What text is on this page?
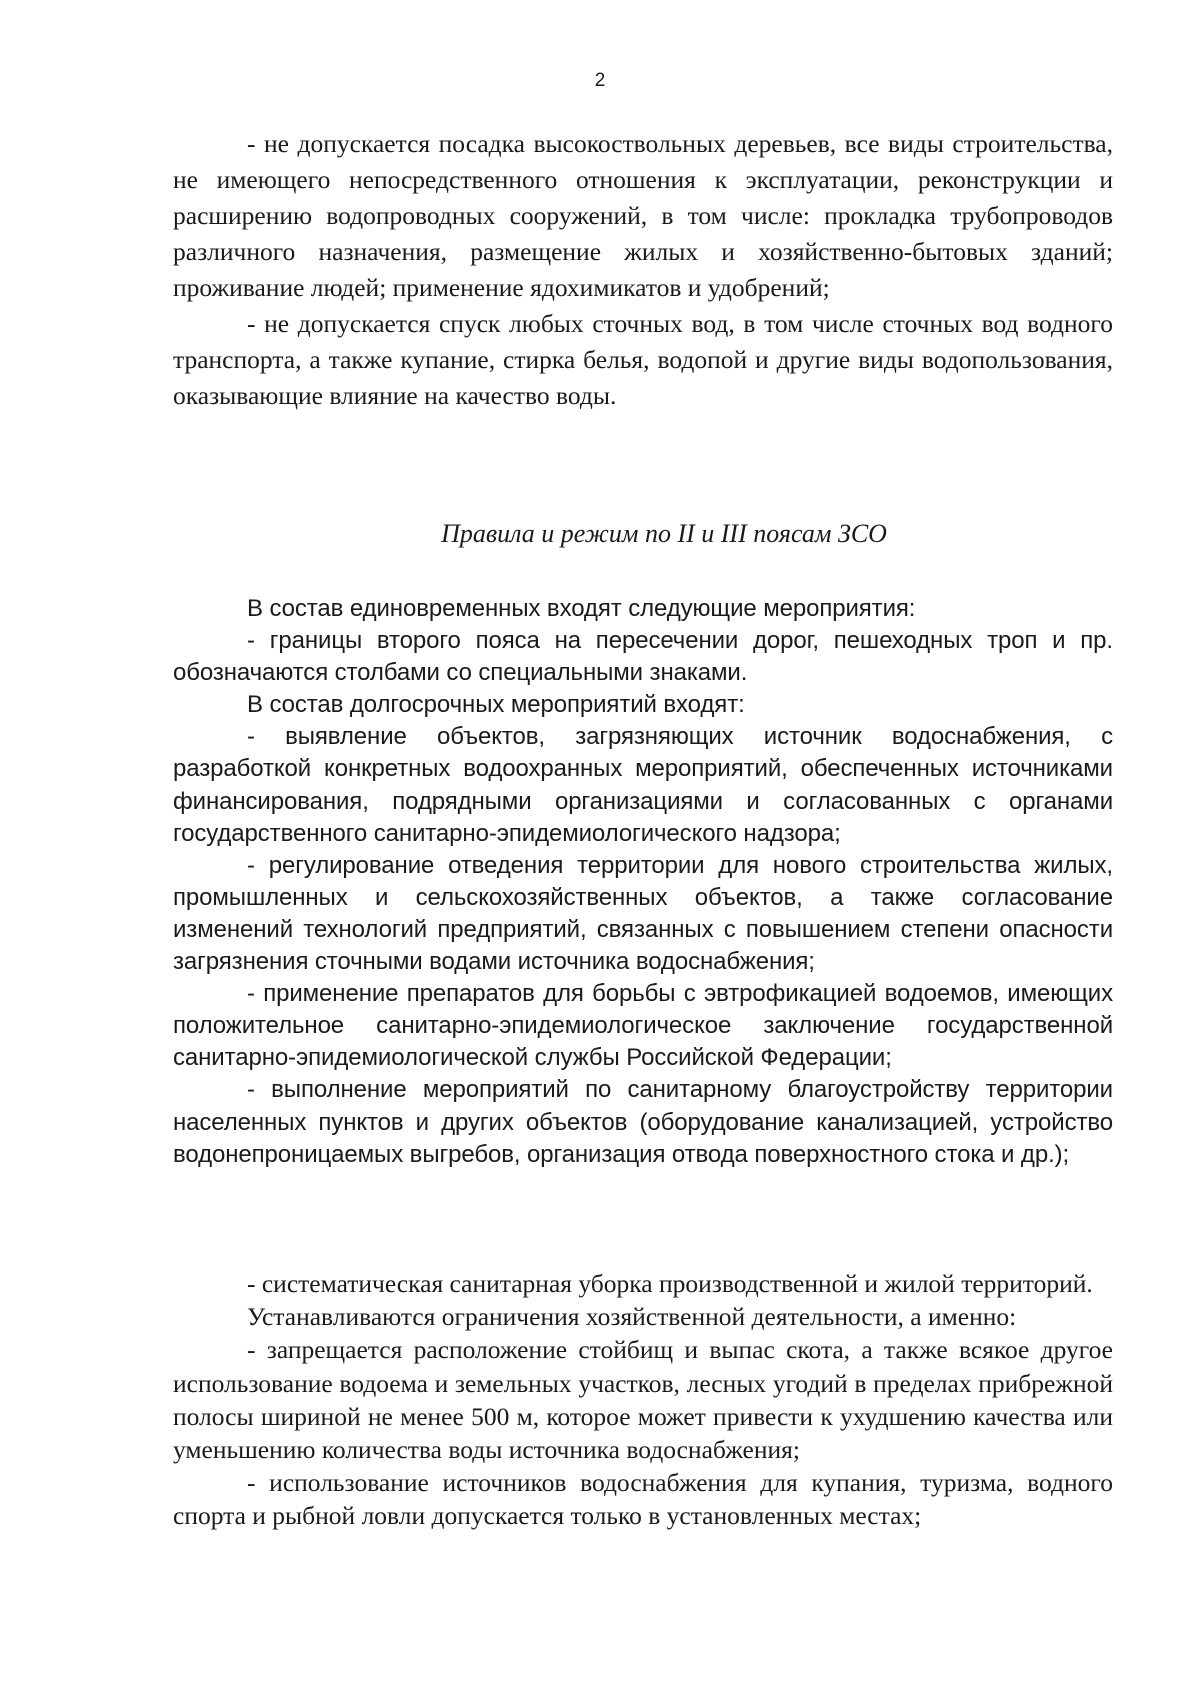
2

- не допускается посадка высокоствольных деревьев, все виды строительства, не имеющего непосредственного отношения к эксплуатации, реконструкции и расширению водопроводных сооружений, в том числе: прокладка трубопроводов различного назначения, размещение жилых и хозяйственно-бытовых зданий; проживание людей; применение ядохимикатов и удобрений;

- не допускается спуск любых сточных вод, в том числе сточных вод водного транспорта, а также купание, стирка белья, водопой и другие виды водопользования, оказывающие влияние на качество воды.

Правила и режим по II и III поясам ЗСО

В состав единовременных входят следующие мероприятия:

- границы второго пояса на пересечении дорог, пешеходных троп и пр. обозначаются столбами со специальными знаками.

В состав долгосрочных мероприятий входят:

- выявление объектов, загрязняющих источник водоснабжения, с разработкой конкретных водоохранных мероприятий, обеспеченных источниками финансирования, подрядными организациями и согласованных с органами государственного санитарно-эпидемиологического надзора;

- регулирование отведения территории для нового строительства жилых, промышленных и сельскохозяйственных объектов, а также согласование изменений технологий предприятий, связанных с повышением степени опасности загрязнения сточными водами источника водоснабжения;

- применение препаратов для борьбы с эвтрофикацией водоемов, имеющих положительное санитарно-эпидемиологическое заключение государственной санитарно-эпидемиологической службы Российской Федерации;

- выполнение мероприятий по санитарному благоустройству территории населенных пунктов и других объектов (оборудование канализацией, устройство водонепроницаемых выгребов, организация отвода поверхностного стока и др.);

- систематическая санитарная уборка производственной и жилой территорий.

Устанавливаются ограничения хозяйственной деятельности, а именно:

- запрещается расположение стойбищ и выпас скота, а также всякое другое использование водоема и земельных участков, лесных угодий в пределах прибрежной полосы шириной не менее 500 м, которое может привести к ухудшению качества или уменьшению количества воды источника водоснабжения;

- использование источников водоснабжения для купания, туризма, водного спорта и рыбной ловли допускается только в установленных местах;
